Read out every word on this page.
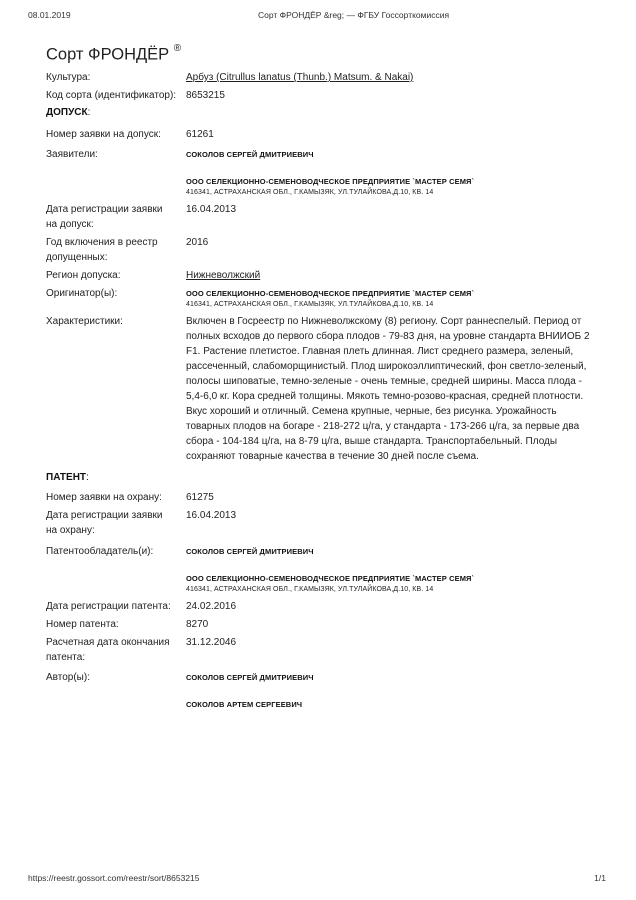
08.01.2019	Сорт ФРОНДЁР &reg; — ФГБУ Госсорткомиссия
Сорт ФРОНДЁР ®
Культура:	Арбуз (Citrullus lanatus (Thunb.) Matsum. & Nakai)
Код сорта (идентификатор): 8653215
ДОПУСК:
Номер заявки на допуск:	61261
Заявители:	СОКОЛОВ СЕРГЕЙ ДМИТРИЕВИЧ
ООО СЕЛЕКЦИОННО-СЕМЕНОВОДЧЕСКОЕ ПРЕДПРИЯТИЕ `МАСТЕР СЕМЯ`
416341, АСТРАХАНСКАЯ ОБЛ., Г.КАМЫЗЯК, УЛ.ТУЛАЙКОВА,Д.10, КВ. 14
Дата регистрации заявки на допуск:
16.04.2013
Год включения в реестр допущенных:
2016
Регион допуска:	Нижневолжский
Оригинатор(ы):	ООО СЕЛЕКЦИОННО-СЕМЕНОВОДЧЕСКОЕ ПРЕДПРИЯТИЕ `МАСТЕР СЕМЯ`
416341, АСТРАХАНСКАЯ ОБЛ., Г.КАМЫЗЯК, УЛ.ТУЛАЙКОВА,Д.10, КВ. 14
Характеристики:	Включен в Госреестр по Нижневолжскому (8) региону. Сорт раннеспелый. Период от полных всходов до первого сбора плодов - 79-83 дня, на уровне стандарта ВНИИОБ 2 F1. Растение плетистое. Главная плеть длинная. Лист среднего размера, зеленый, рассеченный, слабоморщинистый. Плод широкоэллиптический, фон светло-зеленый, полосы шиповатые, темно-зеленые - очень темные, средней ширины. Масса плода - 5,4-6,0 кг. Кора средней толщины. Мякоть темно-розово-красная, средней плотности. Вкус хороший и отличный. Семена крупные, черные, без рисунка. Урожайность товарных плодов на богаре - 218-272 ц/га, у стандарта - 173-266 ц/га, за первые два сбора - 104-184 ц/га, на 8-79 ц/га, выше стандарта. Транспортабельный. Плоды сохраняют товарные качества в течение 30 дней после съема.
ПАТЕНТ:
Номер заявки на охрану:	61275
Дата регистрации заявки на охрану:
16.04.2013
Патентообладатель(и):	СОКОЛОВ СЕРГЕЙ ДМИТРИЕВИЧ
ООО СЕЛЕКЦИОННО-СЕМЕНОВОДЧЕСКОЕ ПРЕДПРИЯТИЕ `МАСТЕР СЕМЯ`
416341, АСТРАХАНСКАЯ ОБЛ., Г.КАМЫЗЯК, УЛ.ТУЛАЙКОВА,Д.10, КВ. 14
Дата регистрации патента:	24.02.2016
Номер патента:	8270
Расчетная дата окончания патента:
31.12.2046
Автор(ы):	СОКОЛОВ СЕРГЕЙ ДМИТРИЕВИЧ
СОКОЛОВ АРТЕМ СЕРГЕЕВИЧ
https://reestr.gossort.com/reestr/sort/8653215	1/1
